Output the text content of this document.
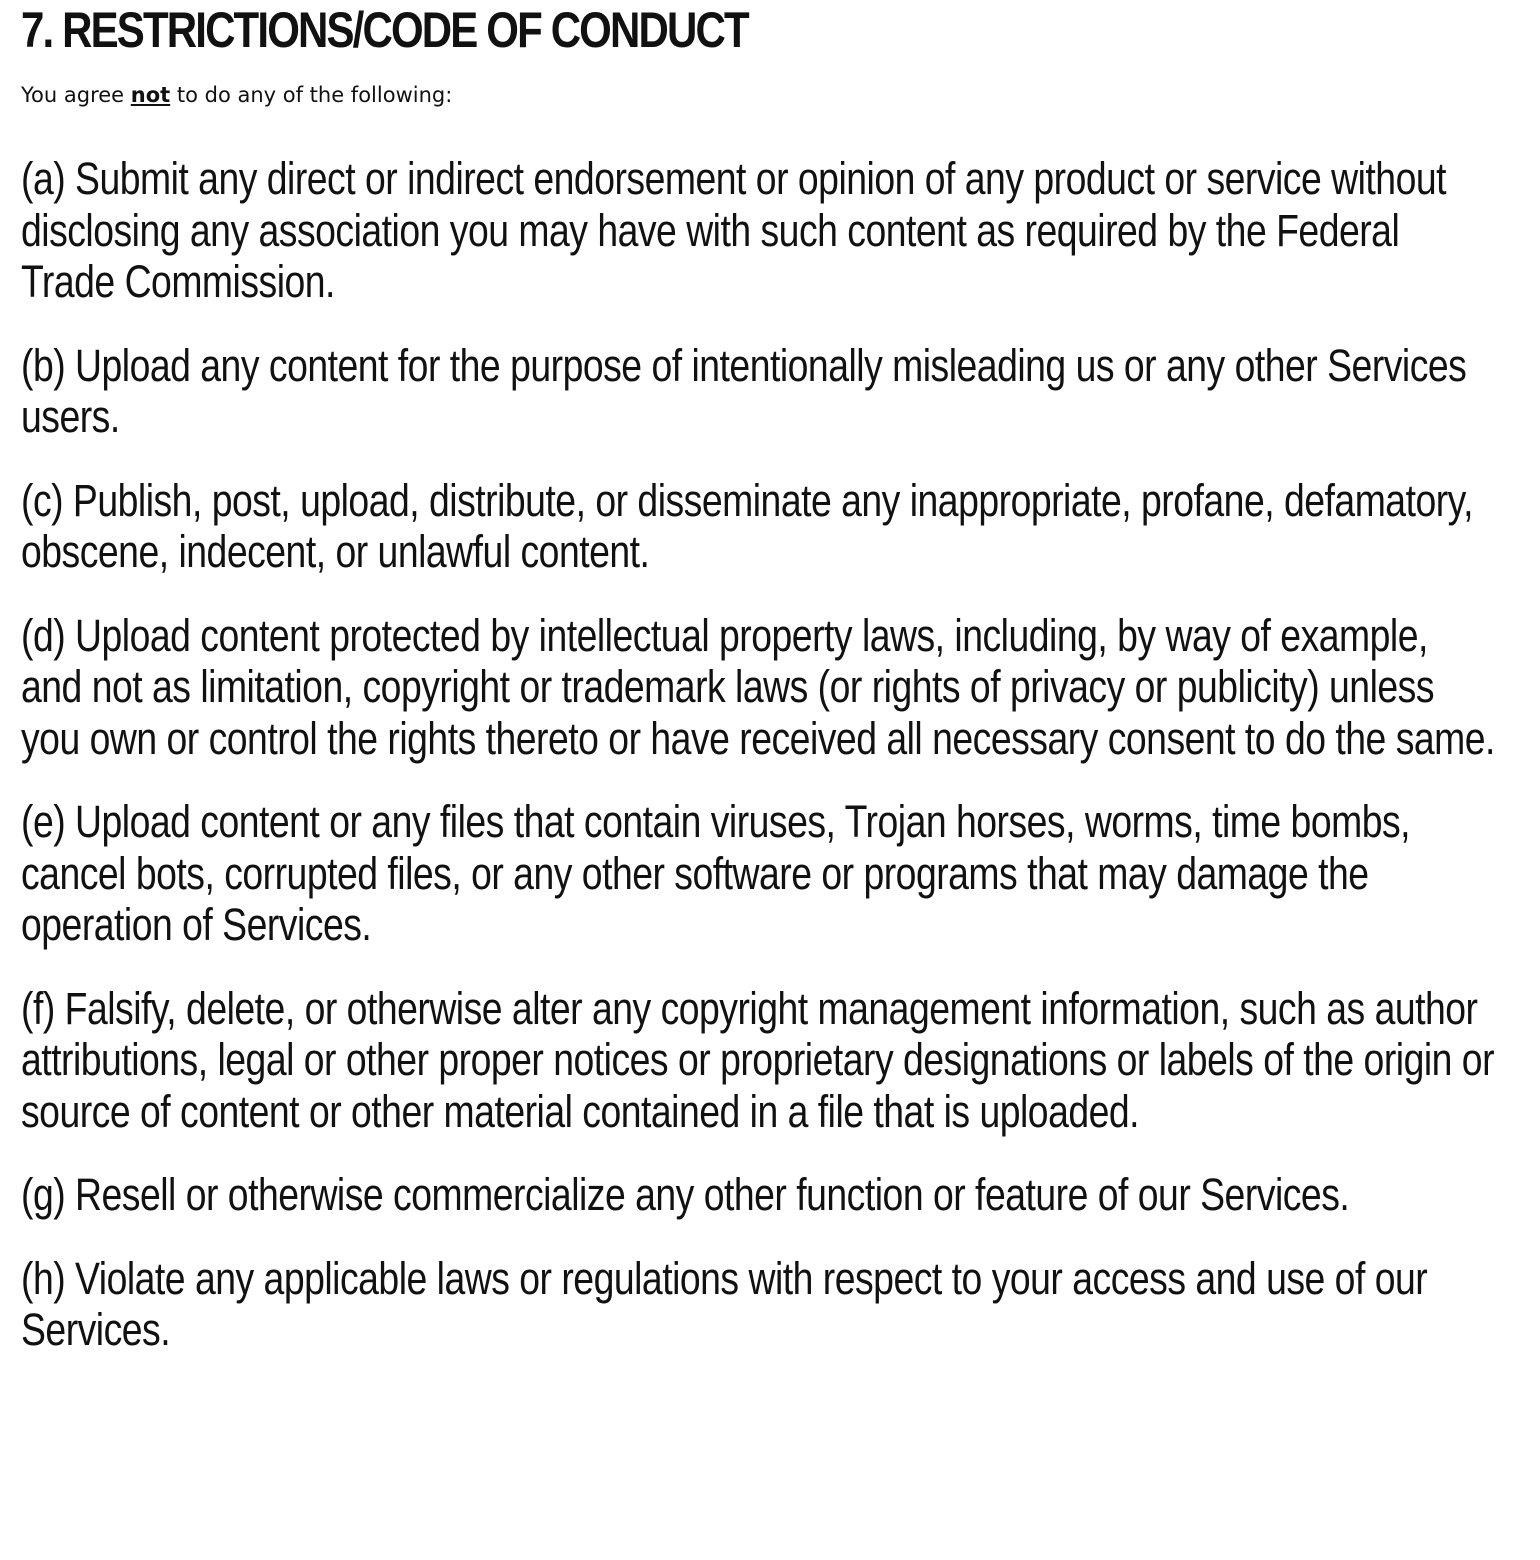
7. RESTRICTIONS/CODE OF CONDUCT

You agree not to do any of the following:

(a) Submit any direct or indirect endorsement or opinion of any product or service without disclosing any association you may have with such content as required by the Federal Trade Commission.
(b) Upload any content for the purpose of intentionally misleading us or any other Services users.
(c) Publish, post, upload, distribute, or disseminate any inappropriate, profane, defamatory, obscene, indecent, or unlawful content.
(d) Upload content protected by intellectual property laws, including, by way of example, and not as limitation, copyright or trademark laws (or rights of privacy or publicity) unless you own or control the rights thereto or have received all necessary consent to do the same.
(e) Upload content or any files that contain viruses, Trojan horses, worms, time bombs, cancel bots, corrupted files, or any other software or programs that may damage the operation of Services.
(f) Falsify, delete, or otherwise alter any copyright management information, such as author attributions, legal or other proper notices or proprietary designations or labels of the origin or source of content or other material contained in a file that is uploaded.
(g) Resell or otherwise commercialize any other function or feature of our Services.
(h) Violate any applicable laws or regulations with respect to your access and use of our Services.
